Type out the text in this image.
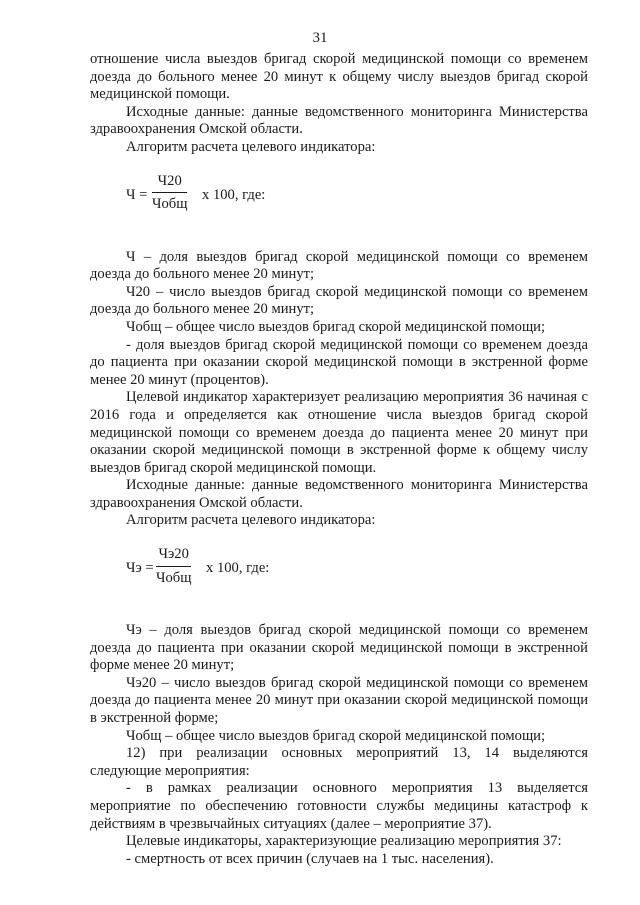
31

отношение числа выездов бригад скорой медицинской помощи со временем доезда до больного менее 20 минут к общему числу выездов бригад скорой медицинской помощи.

Исходные данные: данные ведомственного мониторинга Министерства здравоохранения Омской области.

Алгоритм расчета целевого индикатора:

Ч =
Ч20
Чобщ
х 100, где:

Ч – доля выездов бригад скорой медицинской помощи со временем доезда до больного менее 20 минут;

Ч20 – число выездов бригад скорой медицинской помощи со временем доезда до больного менее 20 минут;

Чобщ – общее число выездов бригад скорой медицинской помощи;

- доля выездов бригад скорой медицинской помощи со временем доезда до пациента при оказании скорой медицинской помощи в экстренной форме менее 20 минут (процентов).

Целевой индикатор характеризует реализацию мероприятия 36 начиная с 2016 года и определяется как отношение числа выездов бригад скорой медицинской помощи со временем доезда до пациента менее 20 минут при оказании скорой медицинской помощи в экстренной форме к общему числу выездов бригад скорой медицинской помощи.

Исходные данные: данные ведомственного мониторинга Министерства здравоохранения Омской области.

Алгоритм расчета целевого индикатора:

Чэ =
Чэ20
Чобщ
х 100, где:

Чэ – доля выездов бригад скорой медицинской помощи со временем доезда до пациента при оказании скорой медицинской помощи в экстренной форме менее 20 минут;

Чэ20 – число выездов бригад скорой медицинской помощи со временем доезда до пациента менее 20 минут при оказании скорой медицинской помощи в экстренной форме;

Чобщ – общее число выездов бригад скорой медицинской помощи;

12) при реализации основных мероприятий 13, 14 выделяются следующие мероприятия:

- в рамках реализации основного мероприятия 13 выделяется мероприятие по обеспечению готовности службы медицины катастроф к действиям в чрезвычайных ситуациях (далее – мероприятие 37).

Целевые индикаторы, характеризующие реализацию мероприятия 37:

- смертность от всех причин (случаев на 1 тыс. населения).
